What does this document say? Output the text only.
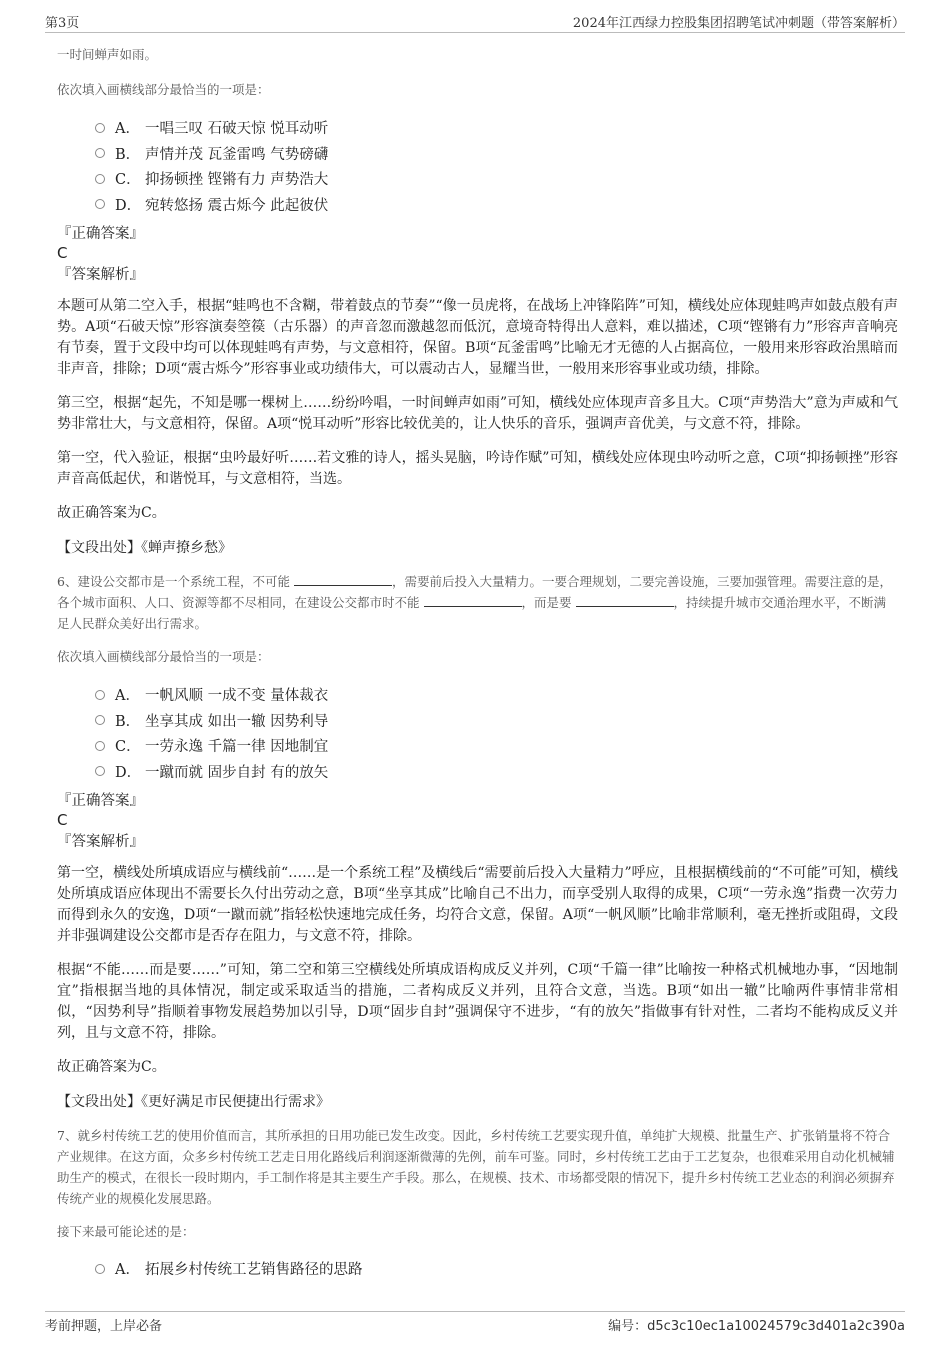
第3页	2024年江西绿力控股集团招聘笔试冲刺题（带答案解析）
一时间蝉声如雨。
依次填入画横线部分最恰当的一项是：
A． 一唱三叹 石破天惊 悦耳动听
B． 声情并茂 瓦釜雷鸣 气势磅礴
C． 抑扬顿挫 铿锵有力 声势浩大
D． 宛转悠扬 震古烁今 此起彼伏
『正确答案』
C
『答案解析』
本题可从第二空入手，根据“蛙鸣也不含糊，带着鼓点的节奏”“像一员虎将，在战场上冲锋陷阵”可知，横线处应体现蛙鸣声如鼓点般有声势。A项“石破天惊”形容演奏箜篌（古乐器）的声音忽而激越忽而低沉，意境奇特得出人意料，难以描述，C项“铿锵有力”形容声音响亮有节奏，置于文段中均可以体现蛙鸣有声势，与文意相符，保留。B项“瓦釜雷鸣”比喻无才无德的人占据高位，一般用来形容政治黑暗而非声音，排除；D项“震古烁今”形容事业或功绩伟大，可以震动古人，显耀当世，一般用来形容事业或功绩，排除。
第三空，根据“起先，不知是哪一棵树上……纷纷吟唱，一时间蝉声如雨”可知，横线处应体现声音多且大。C项“声势浩大”意为声威和气势非常壮大，与文意相符，保留。A项“悦耳动听”形容比较优美的，让人快乐的音乐，强调声音优美，与文意不符，排除。
第一空，代入验证，根据“虫吟最好听……若文雅的诗人，摇头晃脑，吟诗作赋”可知，横线处应体现虫吟动听之意，C项“抑扬顿挫”形容声音高低起伏，和谐悦耳，与文意相符，当选。
故正确答案为C。
【文段出处】《蝉声撩乡愁》
6、建设公交都市是一个系统工程，不可能	，需要前后投入大量精力。一要合理规划，二要完善设施，三要加强管理。需要注意的是，各个城市面积、人口、资源等都不尽相同，在建设公交都市时不能	，而是要	，持续提升城市交通治理水平，不断满足人民群众美好出行需求。
依次填入画横线部分最恰当的一项是：
A． 一帆风顺 一成不变 量体裁衣
B． 坐享其成 如出一辙 因势利导
C． 一劳永逸 千篇一律 因地制宜
D． 一蹴而就 固步自封 有的放矢
『正确答案』
C
『答案解析』
第一空，横线处所填成语应与横线前“……是一个系统工程”及横线后“需要前后投入大量精力”呼应，且根据横线前的“不可能”可知，横线处所填成语应体现出不需要长久付出劳动之意，B项“坐享其成”比喻自己不出力，而享受别人取得的成果，C项“一劳永逸”指费一次劳力而得到永久的安逸，D项“一蹴而就”指轻松快速地完成任务，均符合文意，保留。A项“一帆风顺”比喻非常顺利，毫无挫折或阻碍，文段并非强调建设公交都市是否存在阻力，与文意不符，排除。
根据“不能……而是要……”可知，第二空和第三空横线处所填成语构成反义并列，C项“千篇一律”比喻按一种格式机械地办事，“因地制宜”指根据当地的具体情况，制定或采取适当的措施，二者构成反义并列，且符合文意，当选。B项“如出一辙”比喻两件事情非常相似，“因势利导”指顺着事物发展趋势加以引导，D项“固步自封”强调保守不进步，“有的放矢”指做事有针对性，二者均不能构成反义并列，且与文意不符，排除。
故正确答案为C。
【文段出处】《更好满足市民便捷出行需求》
7、就乡村传统工艺的使用价值而言，其所承担的日用功能已发生改变。因此，乡村传统工艺要实现升值，单纯扩大规模、批量生产、扩张销量将不符合产业规律。在这方面，众多乡村传统工艺走日用化路线后利润逐渐微薄的先例，前车可鉴。同时，乡村传统工艺由于工艺复杂，也很难采用自动化机械辅助生产的模式，在很长一段时期内，手工制作将是其主要生产手段。那么，在规模、技术、市场都受限的情况下，提升乡村传统工艺业态的利润必须摒弃传统产业的规模化发展思路。
接下来最可能论述的是：
A． 拓展乡村传统工艺销售路径的思路
考前押题，上岸必备	编号：d5c3c10ec1a10024579c3d401a2c390a
